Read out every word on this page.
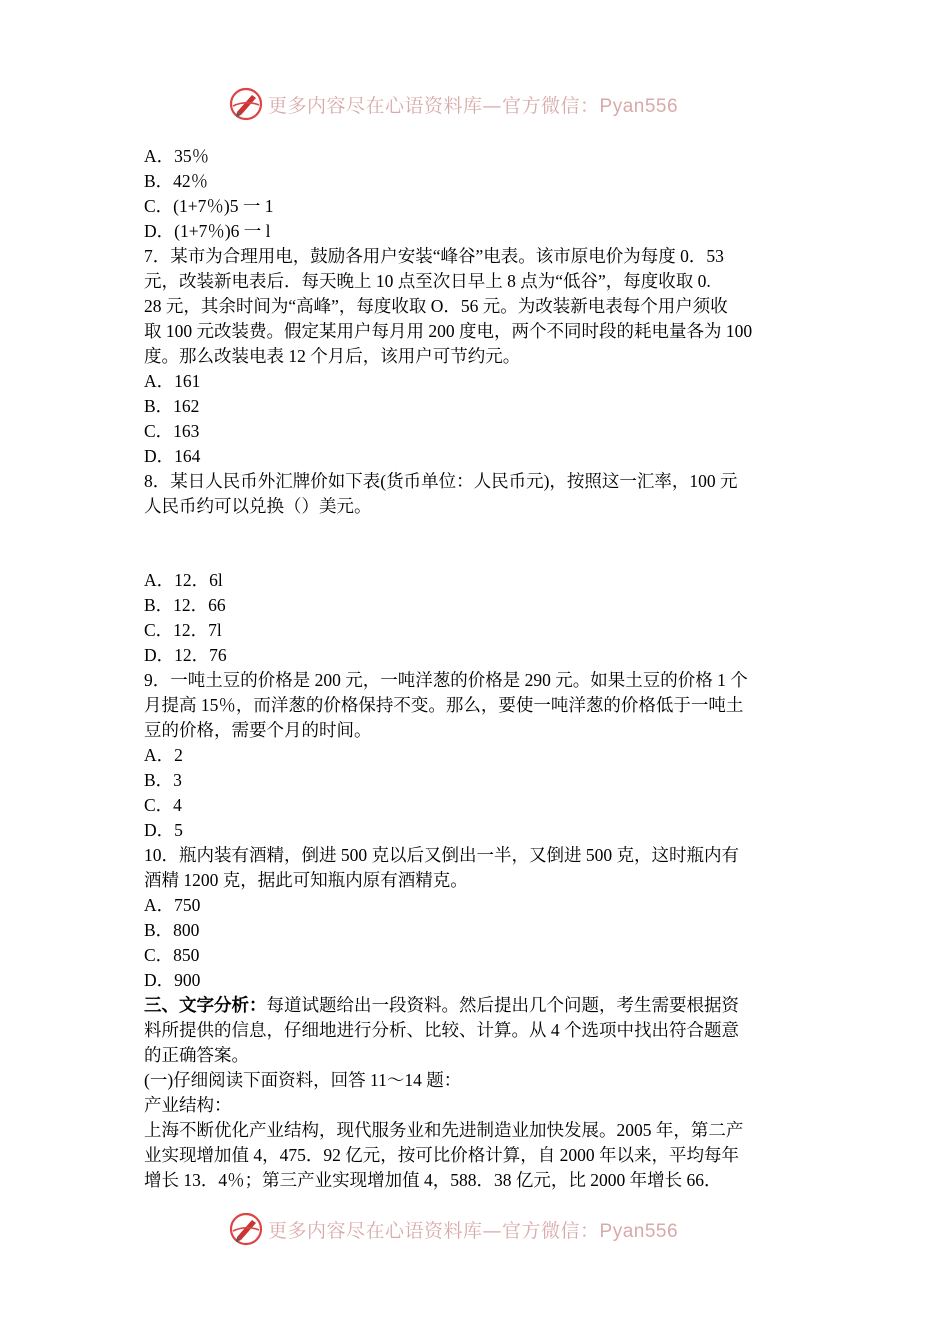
更多内容尽在心语资料库—官方微信：Pyan556
A．35％
B．42％
C．(1+7％)5 一 1
D．(1+7％)6 一 l
7．某市为合理用电，鼓励各用户安装“峰谷”电表。该市原电价为每度 0．53
元，改装新电表后．每天晚上 10 点至次日早上 8 点为“低谷”，每度收取 0.
28 元，其余时间为“高峰”，每度收取 O．56 元。为改装新电表每个用户须收
取 100 元改装费。假定某用户每月用 200 度电，两个不同时段的耗电量各为 100
度。那么改装电表 12 个月后，该用户可节约元。
A．161
B．162
C．163
D．164
8．某日人民币外汇牌价如下表(货币单位：人民币元)，按照这一汇率，100 元
人民币约可以兑换（）美元。
A．12．6l
B．12．66
C．12．7l
D．12．76
9．一吨土豆的价格是 200 元，一吨洋葱的价格是 290 元。如果土豆的价格 1 个
月提高 15％，而洋葱的价格保持不变。那么，要使一吨洋葱的价格低于一吨土
豆的价格，需要个月的时间。
A．2
B．3
C．4
D．5
10．瓶内装有酒精，倒进 500 克以后又倒出一半，又倒进 500 克，这时瓶内有
酒精 1200 克，据此可知瓶内原有酒精克。
A．750
B．800
C．850
D．900
三、文字分析：每道试题给出一段资料。然后提出几个问题，考生需要根据资
料所提供的信息，仔细地进行分析、比较、计算。从 4 个选项中找出符合题意
的正确答案。
(一)仔细阅读下面资料，回答 11～14 题：
产业结构：
上海不断优化产业结构，现代服务业和先进制造业加快发展。2005 年，第二产
业实现增加值 4，475．92 亿元，按可比价格计算，自 2000 年以来，平均每年
增长 13．4％；第三产业实现增加值 4，588．38 亿元，比 2000 年增长 66．
更多内容尽在心语资料库—官方微信：Pyan556
